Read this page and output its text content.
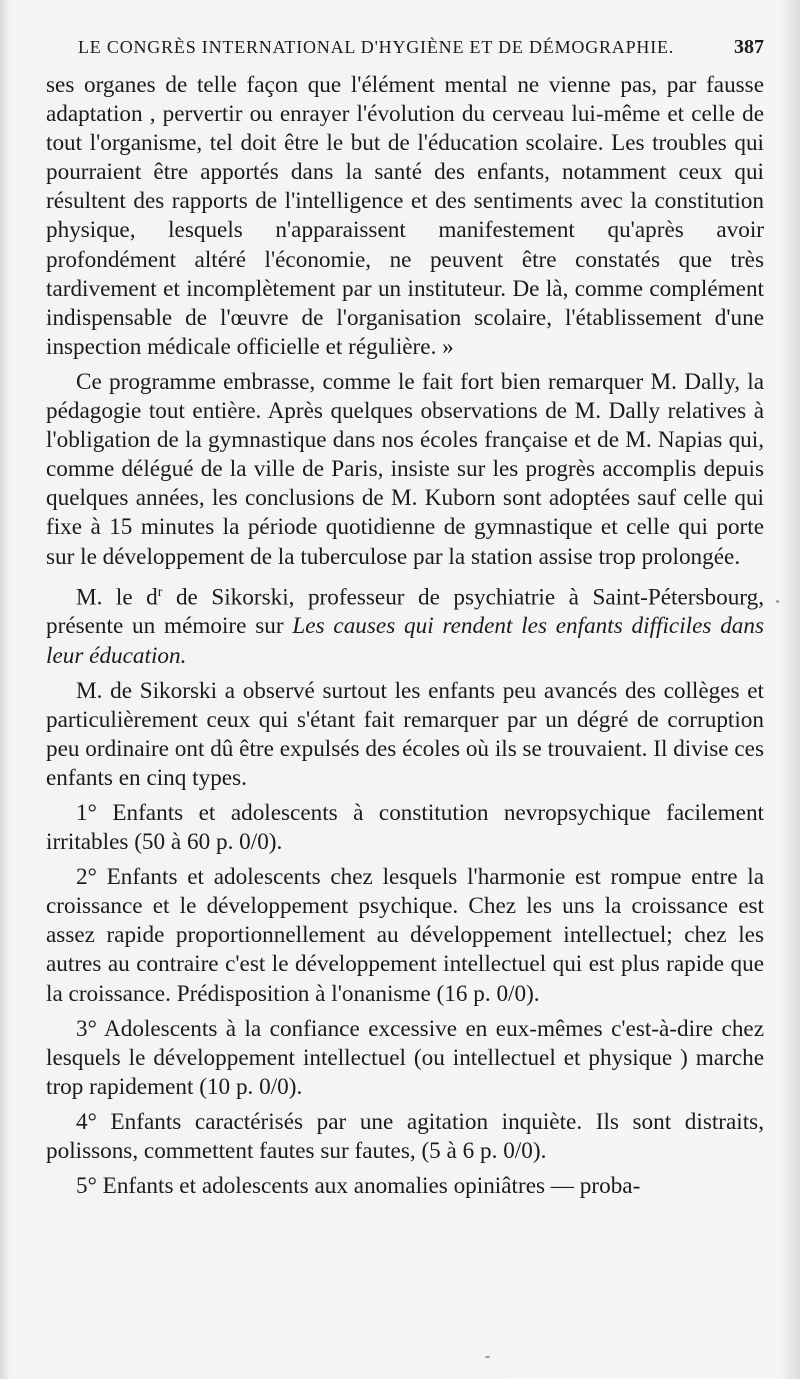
LE CONGRÈS INTERNATIONAL D'HYGIÈNE ET DE DÉMOGRAPHIE.	387

ses organes de telle façon que l'élément mental ne vienne pas, par fausse adaptation , pervertir ou enrayer l'évolution du cerveau lui-même et celle de tout l'organisme, tel doit être le but de l'éducation scolaire. Les troubles qui pourraient être apportés dans la santé des enfants, notamment ceux qui résultent des rapports de l'intelligence et des sentiments avec la constitution physique, lesquels n'apparaissent manifestement qu'après avoir profondément altéré l'économie, ne peuvent être constatés que très tardivement et incomplètement par un instituteur. De là, comme complément indispensable de l'œuvre de l'organisation scolaire, l'établissement d'une inspection médicale officielle et régulière. »

Ce programme embrasse, comme le fait fort bien remarquer M. Dally, la pédagogie tout entière. Après quelques observations de M. Dally relatives à l'obligation de la gymnastique dans nos écoles française et de M. Napias qui, comme délégué de la ville de Paris, insiste sur les progrès accomplis depuis quelques années, les conclusions de M. Kuborn sont adoptées sauf celle qui fixe à 15 minutes la période quotidienne de gymnastique et celle qui porte sur le développement de la tuberculose par la station assise trop prolongée.

M. le $d^r$ de Sikorski, professeur de psychiatrie à Saint-Pétersbourg, présente un mémoire sur Les causes qui rendent les enfants difficiles dans leur éducation.

M. de Sikorski a observé surtout les enfants peu avancés des collèges et particulièrement ceux qui s'étant fait remarquer par un dégré de corruption peu ordinaire ont dû être expulsés des écoles où ils se trouvaient. Il divise ces enfants en cinq types.

1° Enfants et adolescents à constitution nevropsychique facilement irritables (50 à 60 p. 0/0).

2° Enfants et adolescents chez lesquels l'harmonie est rompue entre la croissance et le développement psychique. Chez les uns la croissance est assez rapide proportionnellement au développement intellectuel; chez les autres au contraire c'est le développement intellectuel qui est plus rapide que la croissance. Prédisposition à l'onanisme (16 p. 0/0).

3° Adolescents à la confiance excessive en eux-mêmes c'est-à-dire chez lesquels le développement intellectuel (ou intellectuel et physique ) marche trop rapidement (10 p. 0/0).

4° Enfants caractérisés par une agitation inquiète. Ils sont distraits, polissons, commettent fautes sur fautes, (5 à 6 p. 0/0).

5° Enfants et adolescents aux anomalies opiniâtres — proba-
